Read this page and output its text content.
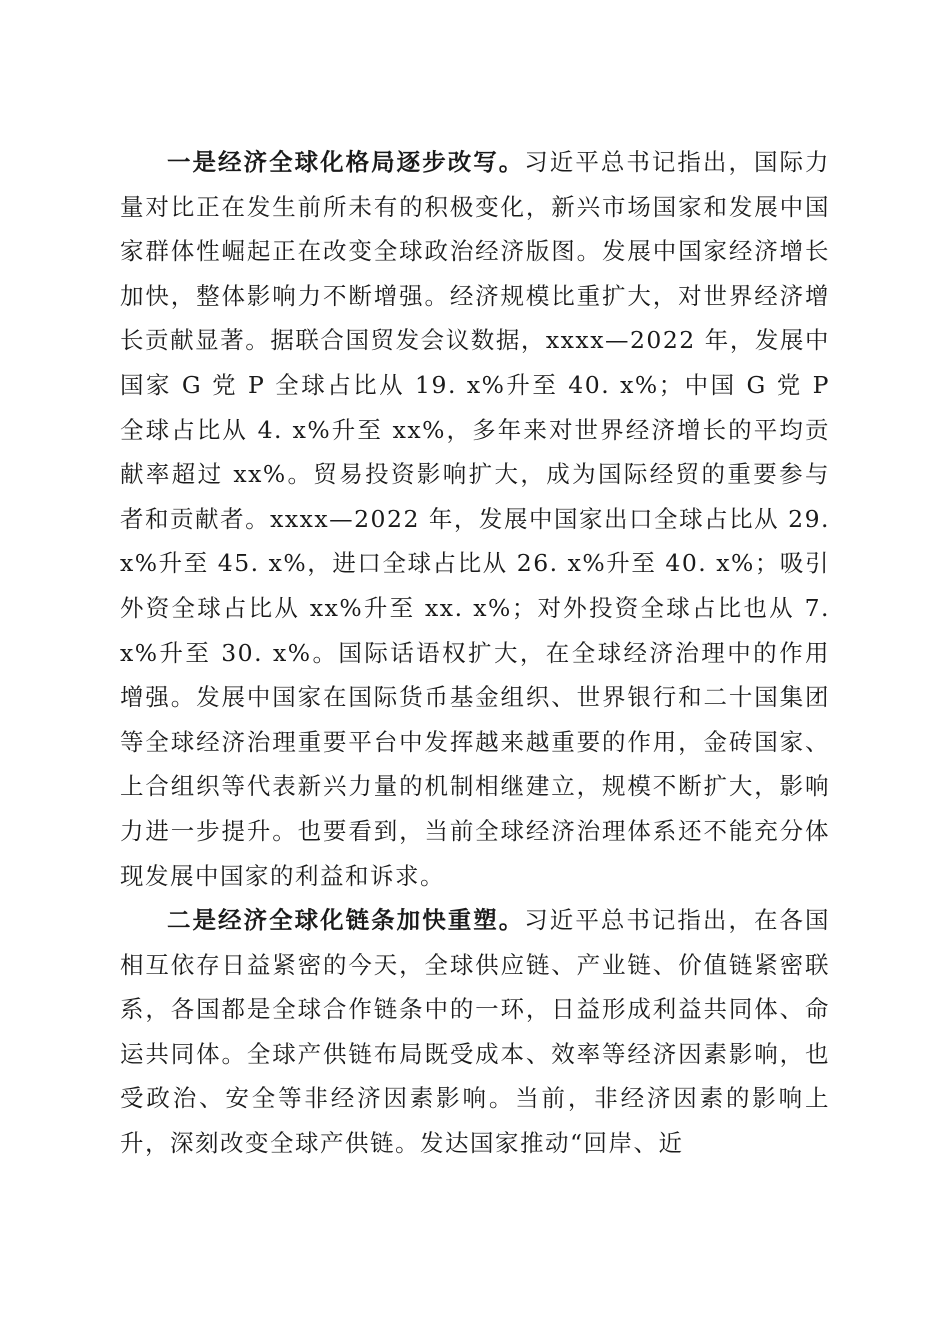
一是经济全球化格局逐步改写。习近平总书记指出，国际力量对比正在发生前所未有的积极变化，新兴市场国家和发展中国家群体性崛起正在改变全球政治经济版图。发展中国家经济增长加快，整体影响力不断增强。经济规模比重扩大，对世界经济增长贡献显著。据联合国贸发会议数据，xxxx—2022 年，发展中国家 G 党 P 全球占比从 19. x%升至 40. x%；中国 G 党 P 全球占比从 4. x%升至 xx%，多年来对世界经济增长的平均贡献率超过 xx%。贸易投资影响扩大，成为国际经贸的重要参与者和贡献者。xxxx—2022 年，发展中国家出口全球占比从 29. x%升至 45. x%，进口全球占比从 26. x%升至 40. x%；吸引外资全球占比从 xx%升至 xx. x%；对外投资全球占比也从 7. x%升至 30. x%。国际话语权扩大，在全球经济治理中的作用增强。发展中国家在国际货币基金组织、世界银行和二十国集团等全球经济治理重要平台中发挥越来越重要的作用，金砖国家、上合组织等代表新兴力量的机制相继建立，规模不断扩大，影响力进一步提升。也要看到，当前全球经济治理体系还不能充分体现发展中国家的利益和诉求。

二是经济全球化链条加快重塑。习近平总书记指出，在各国相互依存日益紧密的今天，全球供应链、产业链、价值链紧密联系，各国都是全球合作链条中的一环，日益形成利益共同体、命运共同体。全球产供链布局既受成本、效率等经济因素影响，也受政治、安全等非经济因素影响。当前，非经济因素的影响上升，深刻改变全球产供链。发达国家推动“回岸、近
